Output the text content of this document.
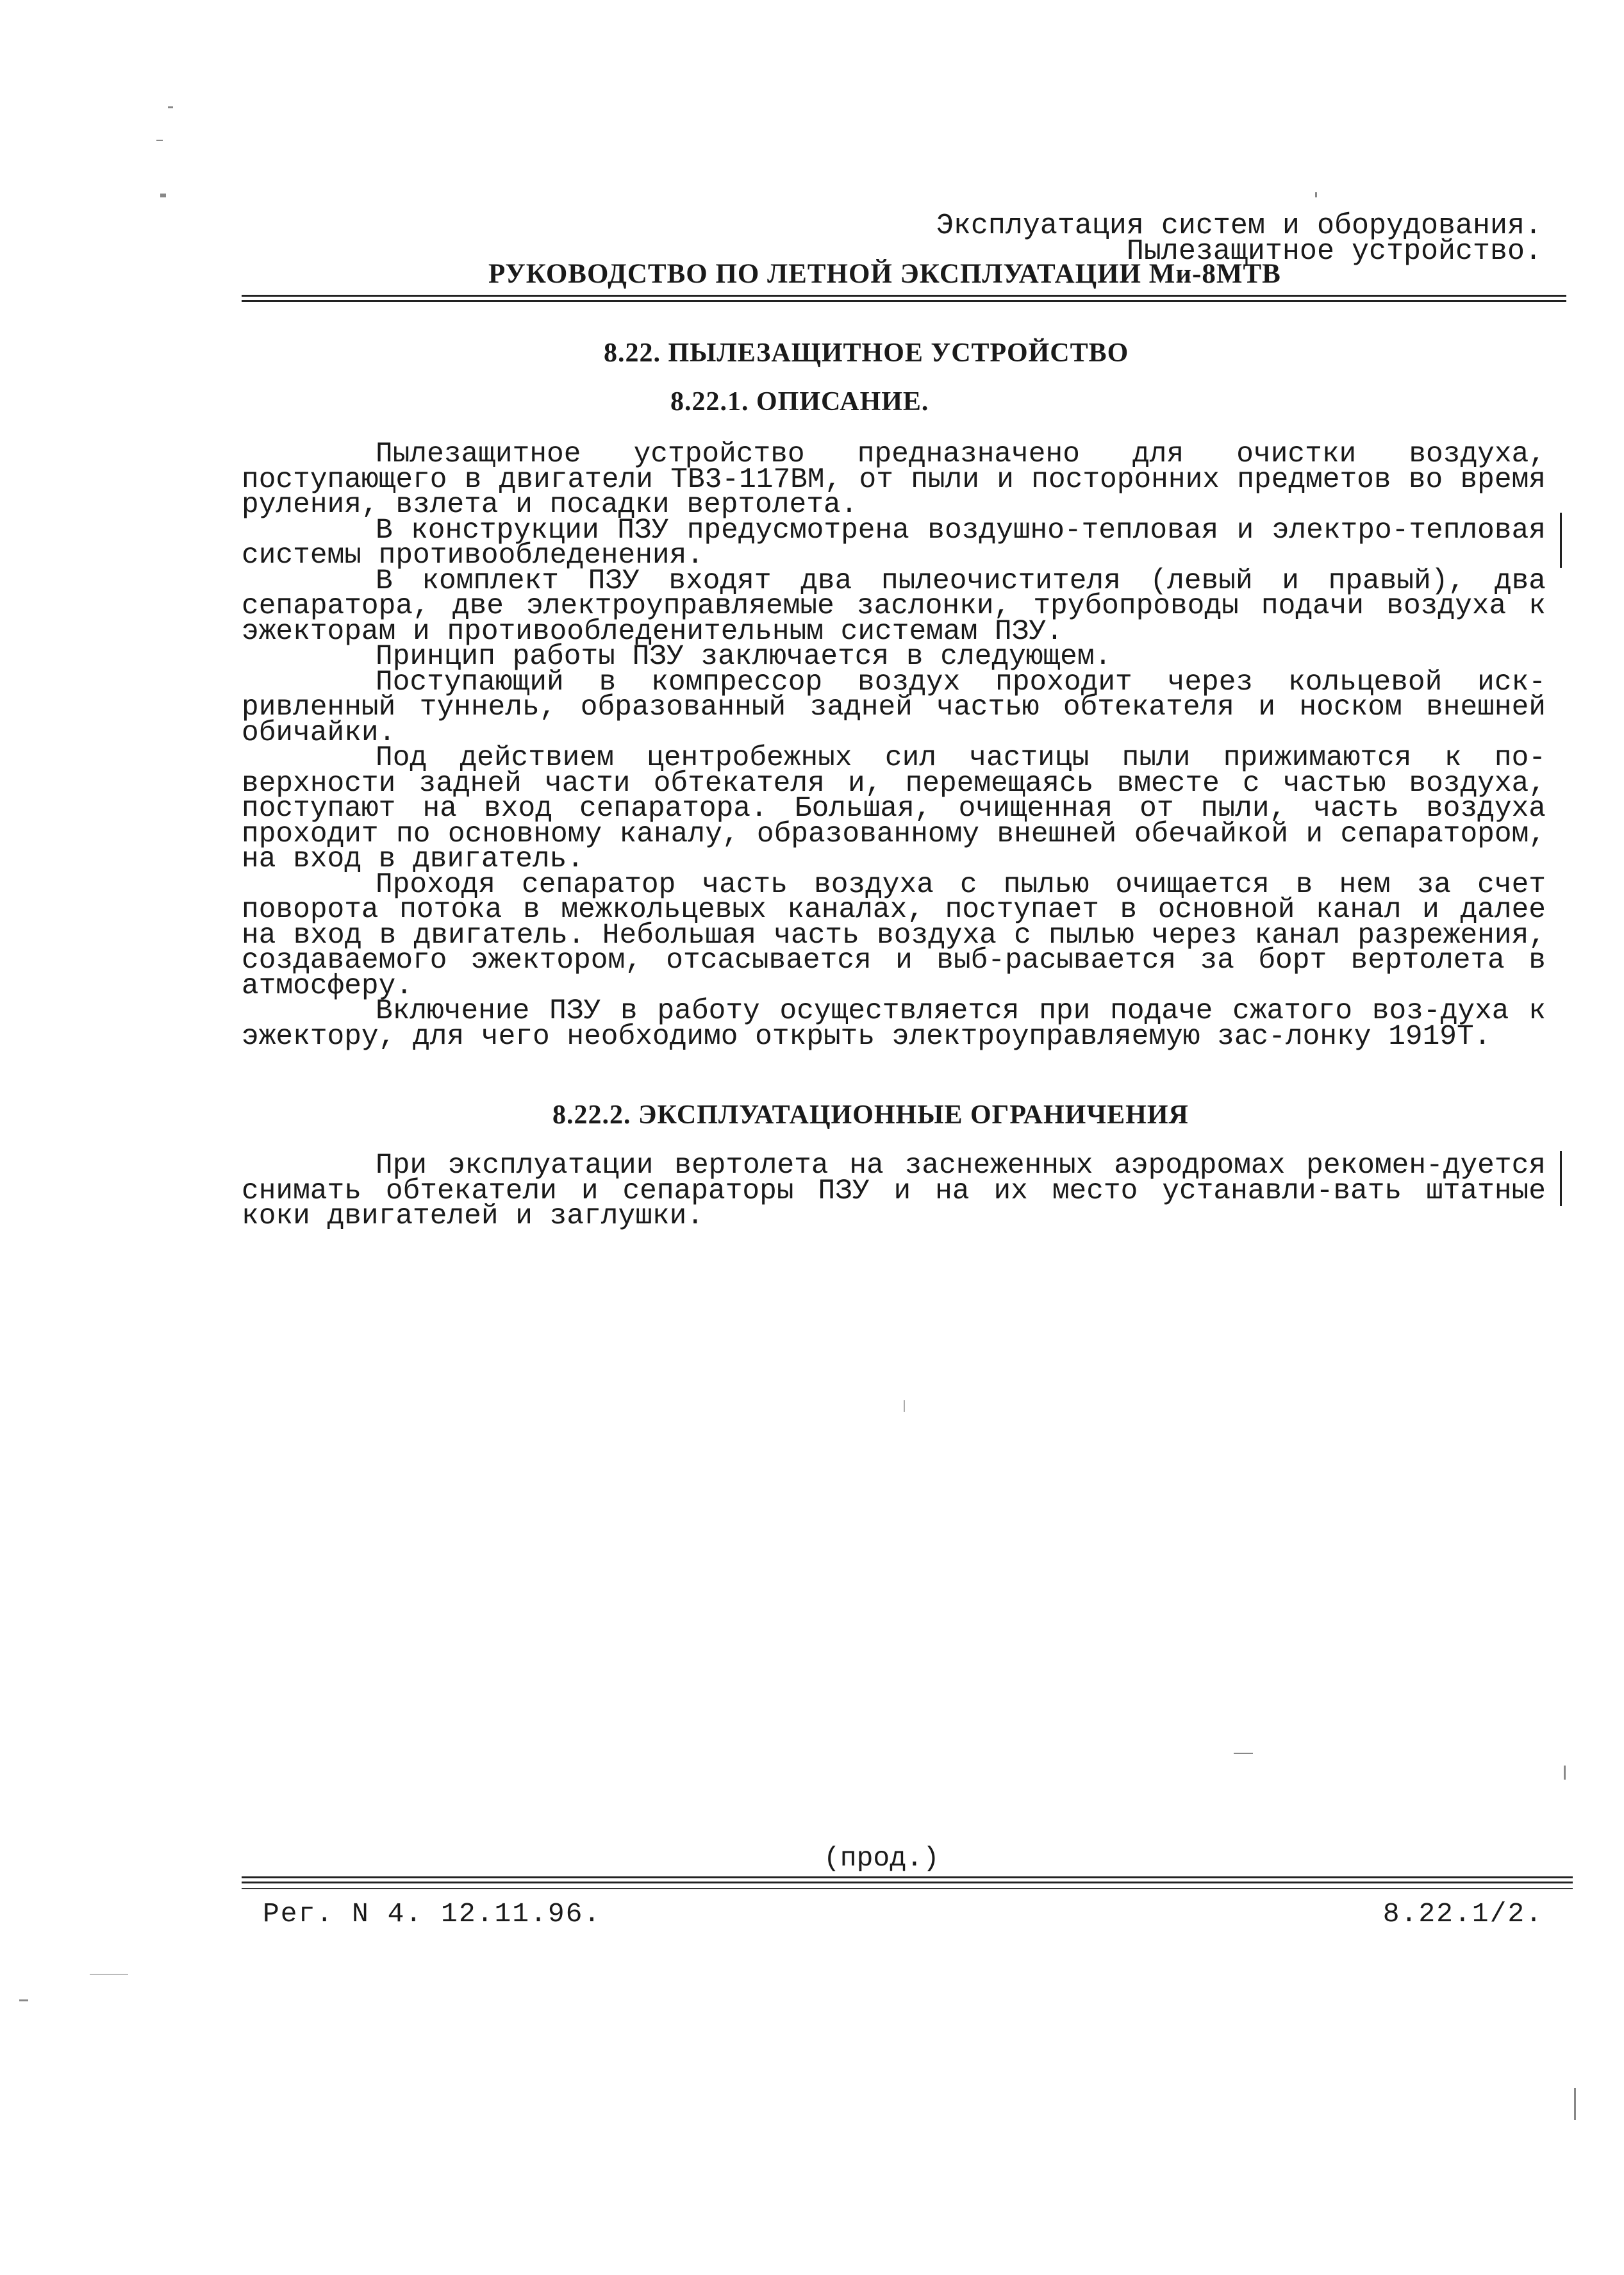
Эксплуатация систем и оборудования.
Пылезащитное устройство.
РУКОВОДСТВО ПО ЛЕТНОЙ ЭКСПЛУАТАЦИИ Ми-8МТВ
8.22. ПЫЛЕЗАЩИТНОЕ УСТРОЙСТВО
8.22.1. ОПИСАНИЕ.

Пылезащитное устройство предназначено для очистки воздуха, поступающего в двигатели ТВ3-117ВМ, от пыли и посторонних предметов во время руления, взлета и посадки вертолета.

В конструкции ПЗУ предусмотрена воздушно-тепловая и электро-тепловая системы противообледенения.

В комплект ПЗУ входят два пылеочистителя (левый и правый), два сепаратора, две электроуправляемые заслонки, трубопроводы подачи воздуха к эжекторам и противообледенительным системам ПЗУ.

Принцип работы ПЗУ заключается в следующем.

Поступающий в компрессор воздух проходит через кольцевой иск-ривленный туннель, образованный задней частью обтекателя и носком внешней обичайки.

Под действием центробежных сил частицы пыли прижимаются к по-верхности задней части обтекателя и, перемещаясь вместе с частью воздуха, поступают на вход сепаратора. Большая, очищенная от пыли, часть воздуха проходит по основному каналу, образованному внешней обечайкой и сепаратором, на вход в двигатель.

Проходя сепаратор часть воздуха с пылью очищается в нем за счет поворота потока в межкольцевых каналах, поступает в основной канал и далее на вход в двигатель. Небольшая часть воздуха с пылью через канал разрежения, создаваемого эжектором, отсасывается и выб-расывается за борт вертолета в атмосферу.

Включение ПЗУ в работу осуществляется при подаче сжатого воз-духа к эжектору, для чего необходимо открыть электроуправляемую зас-лонку 1919Т.

8.22.2. ЭКСПЛУАТАЦИОННЫЕ ОГРАНИЧЕНИЯ

При эксплуатации вертолета на заснеженных аэродромах рекомен-дуется снимать обтекатели и сепараторы ПЗУ и на их место устанавли-вать штатные коки двигателей и заглушки.

(прод.)
Рег. N 4. 12.11.96.	8.22.1/2.
